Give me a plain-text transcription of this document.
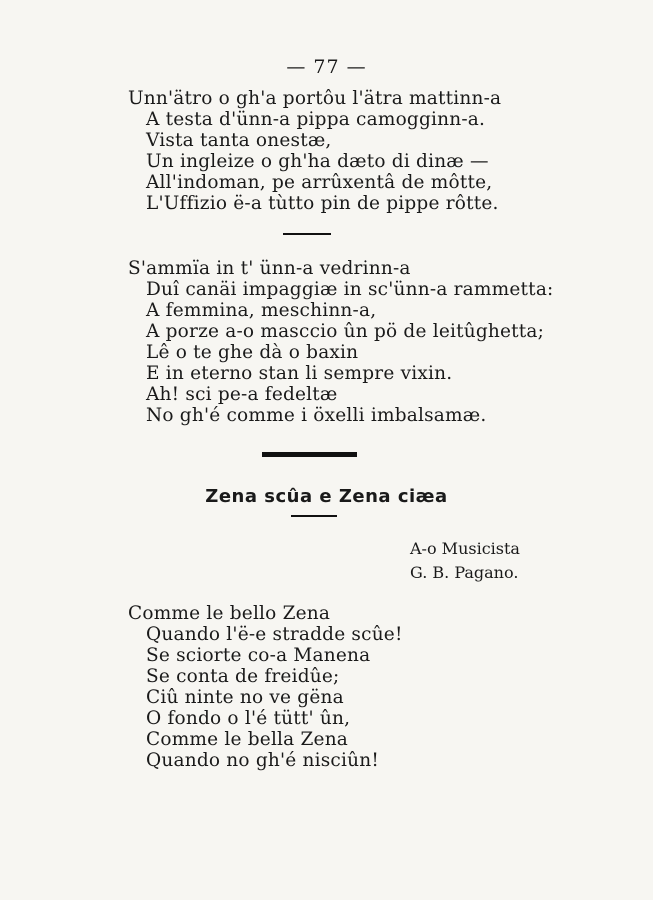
— 77 —
Unn'ätro o gh'a portôu l'ätra mattinn-a
A testa d'ünn-a pippa camogginn-a.
Vista tanta onestæ,
Un ingleize o gh'ha dæto di dinæ —
All'indoman, pe arrûxentâ de môtte,
L'Uffizio ë-a tùtto pin de pippe rôtte.
S'ammïa in t' ünn-a vedrinn-a
Duî canäi impaggiæ in sc'ünn-a rammetta:
A femmina, meschinn-a,
A porze a-o masccio ûn pö de leitûghetta;
Lê o te ghe dà o baxin
E in eterno stan li sempre vixin.
Ah! sci pe-a fedeltæ
No gh'é comme i öxelli imbalsamæ.
Zena scûa e Zena ciæa
A-o Musicista
G. B. Pagano.
Comme le bello Zena
Quando l'ë-e stradde scûe!
Se sciorte co-a Manena
Se conta de freidûe;
Ciû ninte no ve gëna
O fondo o l'é tütt' ûn,
Comme le bella Zena
Quando no gh'é nisciûn!
